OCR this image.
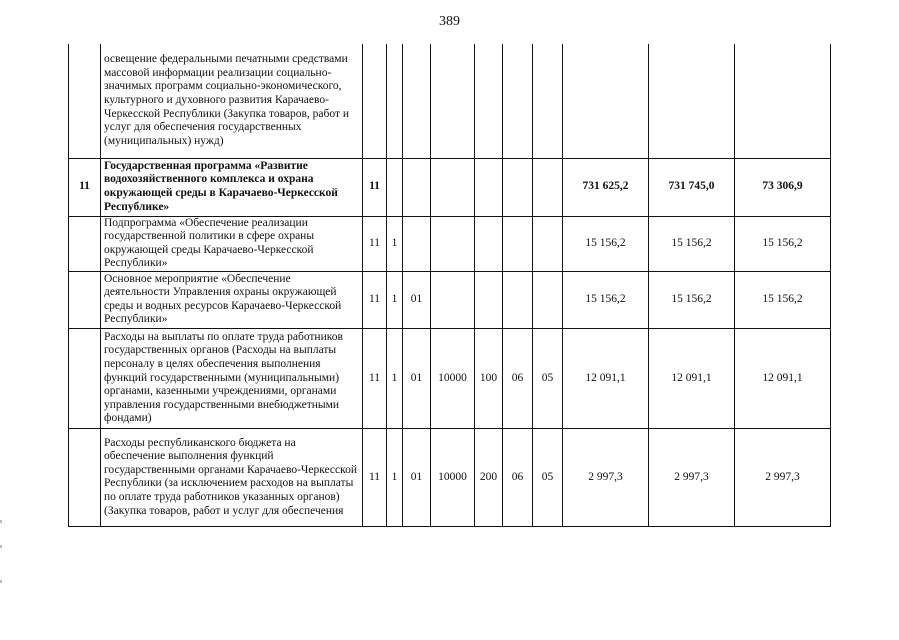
389
	освещение федеральными печатными средствами массовой информации реализации социально-значимых программ социально-экономического, культурного и духовного развития Карачаево-Черкесской Республики (Закупка товаров, работ и услуг для обеспечения государственных (муниципальных) нужд)										
11	Государственная программа «Развитие водохозяйственного комплекса и охрана окружающей среды в Карачаево-Черкесской Республике»	11							731 625,2	731 745,0	73 306,9
	Подпрограмма «Обеспечение реализации государственной политики в сфере охраны окружающей среды Карачаево-Черкесской Республики»	11	1						15 156,2	15 156,2	15 156,2
	Основное мероприятие «Обеспечение деятельности Управления охраны окружающей среды и водных ресурсов Карачаево-Черкесской Республики»	11	1	01					15 156,2	15 156,2	15 156,2
	Расходы на выплаты по оплате труда работников государственных органов (Расходы на выплаты персоналу в целях обеспечения выполнения функций государственными (муниципальными) органами, казенными учреждениями, органами управления государственными внебюджетными фондами)	11	1	01	10000	100	06	05	12 091,1	12 091,1	12 091,1
	Расходы республиканского бюджета на обеспечение выполнения функций государственными органами Карачаево-Черкесской Республики (за исключением расходов на выплаты по оплате труда работников указанных органов) (Закупка товаров, работ и услуг для обеспечения	11	1	01	10000	200	06	05	2 997,3	2 997,3	2 997,3
